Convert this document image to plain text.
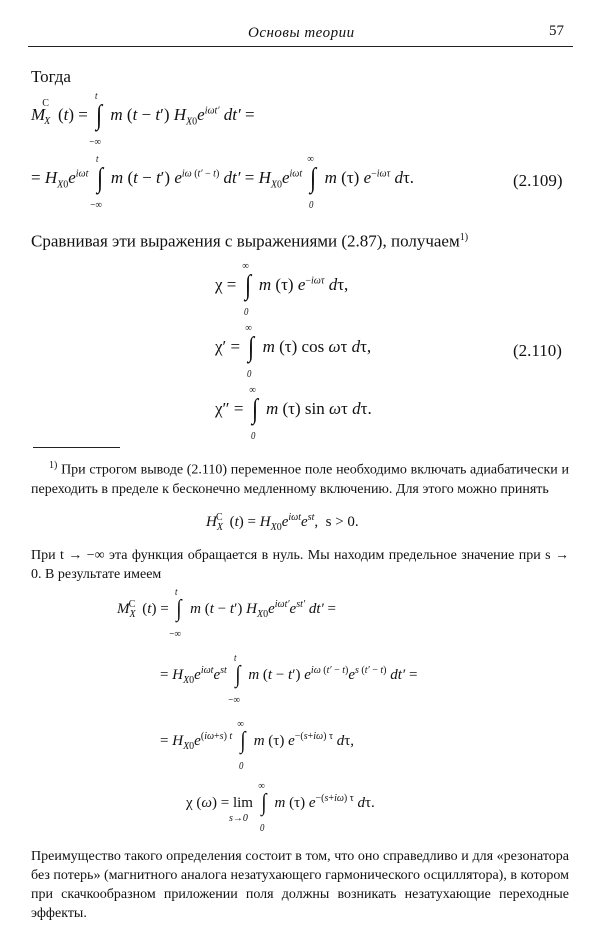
Основы теории	57
Тогда
$M_X^C(t)$ = ∫
t
−∞
m (t − t′) $H_{X0}e^{i\omega t'}$ dt′ =
= $H_{X0}e^{i\omega t}$ ∫
t
−∞
m (t − t′) $e^{i\omega (t' - t)}$ $dt' = H_{X0}e^{i\omega t}$ ∫
∞
0
m (τ) $e^{-i\omega\tau}$ dτ.	(2.109)
Сравнивая эти выражения с выражениями (2.87), получаем$^{1)}$
χ = ∫
∞
0
m (τ) $e^{-i\omega\tau}$ dτ,
χ′ = ∫
∞
0
m (τ) cos ωτ dτ,	(2.110)
χ″ = ∫
∞
0
m (τ) sin ωτ dτ.
$^{1)}$ При строгом выводе (2.110) переменное поле необходимо включать адиабатически и переходить в пределе к бесконечно медленному включению. Для этого можно принять
$H_X^C$ $(t) = H_{X0}e^{i\omega t}e^{st}$,  s > 0.
При t → −∞ эта функция обращается в нуль. Мы находим предельное значение при s → 0. В результате имеем
$M_X^C$ (t) = ∫
t
−∞
m (t − t′) $H_{X0}e^{i\omega t'}e^{st'}$ dt′ =
= $H_{X0}e^{i\omega t}e^{st}$ ∫
t
−∞
m (t − t′) $e^{i\omega (t' - t)}e^{s (t' - t)}$ dt′ =
= $H_{X0}e^{(i\omega+s) t}$ ∫
∞
0
m (τ) $e^{-(s+i\omega) \tau}$ dτ,
χ (ω) = lim
s→0
∫
∞
0
m (τ) $e^{-(s+i\omega) \tau}$ dτ.
Преимущество такого определения состоит в том, что оно справедливо и для «резонатора без потерь» (магнитного аналога незатухающего гармонического осциллятора), в котором при скачкообразном приложении поля должны возникать незатухающие переходные эффекты.
